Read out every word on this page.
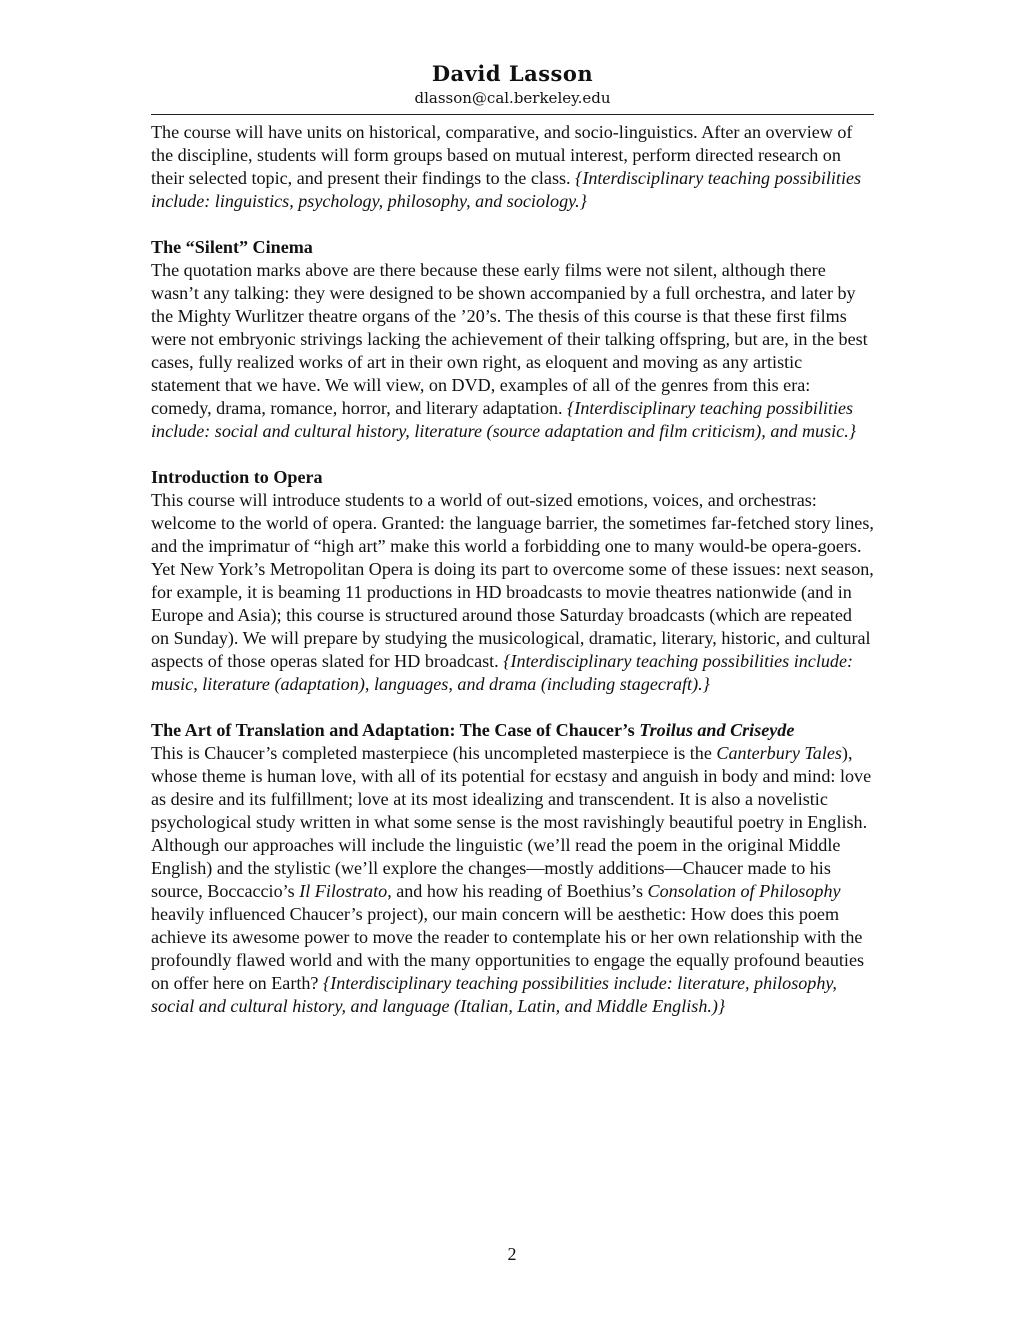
David Lasson
dlasson@cal.berkeley.edu

The course will have units on historical, comparative, and socio-linguistics. After an overview of the discipline, students will form groups based on mutual interest, perform directed research on their selected topic, and present their findings to the class. {Interdisciplinary teaching possibilities include: linguistics, psychology, philosophy, and sociology.}

The “Silent” Cinema

The quotation marks above are there because these early films were not silent, although there wasn’t any talking: they were designed to be shown accompanied by a full orchestra, and later by the Mighty Wurlitzer theatre organs of the ’20’s. The thesis of this course is that these first films were not embryonic strivings lacking the achievement of their talking offspring, but are, in the best cases, fully realized works of art in their own right, as eloquent and moving as any artistic statement that we have. We will view, on DVD, examples of all of the genres from this era: comedy, drama, romance, horror, and literary adaptation. {Interdisciplinary teaching possibilities include: social and cultural history, literature (source adaptation and film criticism), and music.}

Introduction to Opera

This course will introduce students to a world of out-sized emotions, voices, and orchestras: welcome to the world of opera. Granted: the language barrier, the sometimes far-fetched story lines, and the imprimatur of “high art” make this world a forbidding one to many would-be opera-goers. Yet New York’s Metropolitan Opera is doing its part to overcome some of these issues: next season, for example, it is beaming 11 productions in HD broadcasts to movie theatres nationwide (and in Europe and Asia); this course is structured around those Saturday broadcasts (which are repeated on Sunday). We will prepare by studying the musicological, dramatic, literary, historic, and cultural aspects of those operas slated for HD broadcast. {Interdisciplinary teaching possibilities include: music, literature (adaptation), languages, and drama (including stagecraft).}

The Art of Translation and Adaptation: The Case of Chaucer’s Troilus and Criseyde

This is Chaucer’s completed masterpiece (his uncompleted masterpiece is the Canterbury Tales), whose theme is human love, with all of its potential for ecstasy and anguish in body and mind: love as desire and its fulfillment; love at its most idealizing and transcendent. It is also a novelistic psychological study written in what some sense is the most ravishingly beautiful poetry in English. Although our approaches will include the linguistic (we’ll read the poem in the original Middle English) and the stylistic (we’ll explore the changes—mostly additions—Chaucer made to his source, Boccaccio’s Il Filostrato, and how his reading of Boethius’s Consolation of Philosophy heavily influenced Chaucer’s project), our main concern will be aesthetic: How does this poem achieve its awesome power to move the reader to contemplate his or her own relationship with the profoundly flawed world and with the many opportunities to engage the equally profound beauties on offer here on Earth? {Interdisciplinary teaching possibilities include: literature, philosophy, social and cultural history, and language (Italian, Latin, and Middle English.)}

2
